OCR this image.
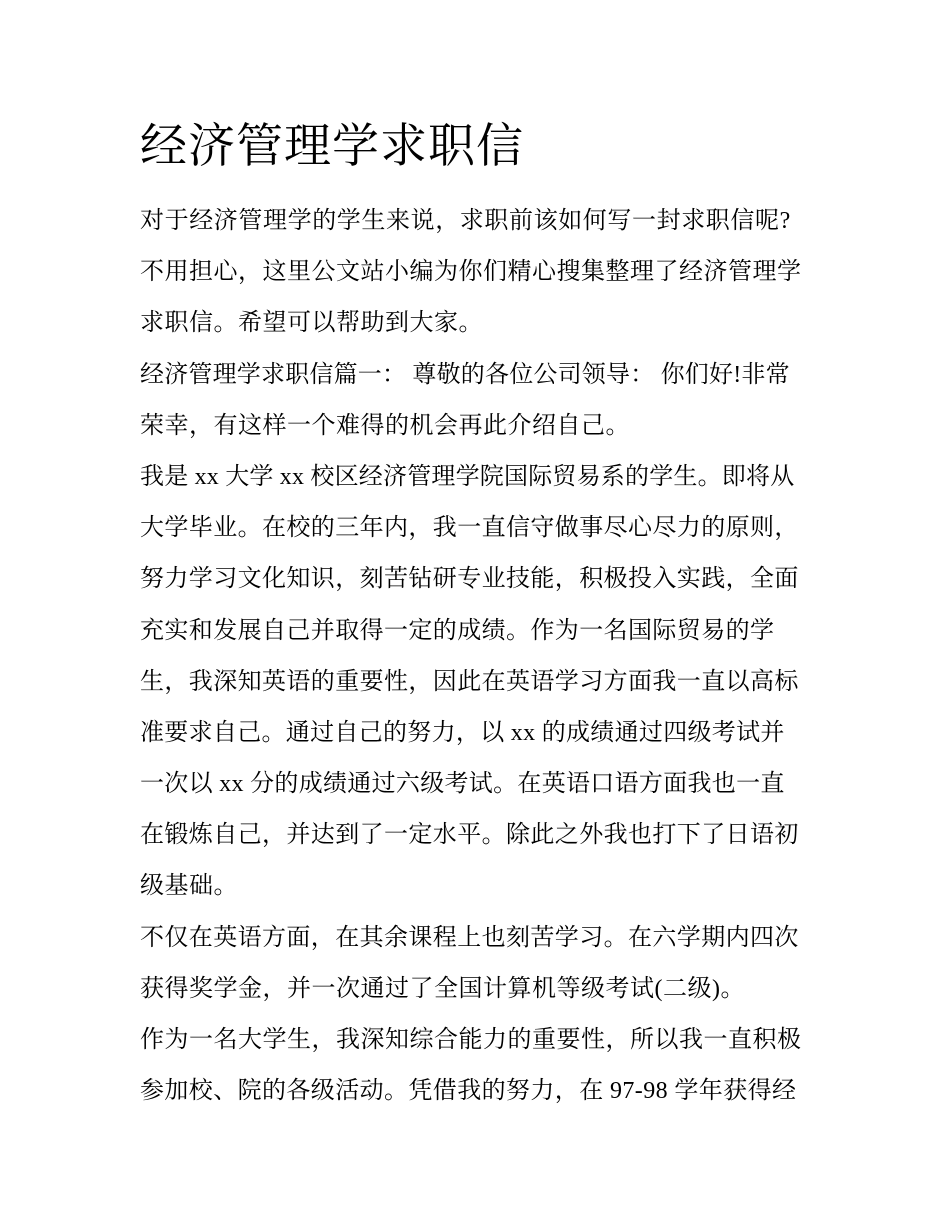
经济管理学求职信
对于经济管理学的学生来说，求职前该如何写一封求职信呢?
不用担心，这里公文站小编为你们精心搜集整理了经济管理学
求职信。希望可以帮助到大家。
经济管理学求职信篇一： 尊敬的各位公司领导： 你们好!非常
荣幸，有这样一个难得的机会再此介绍自己。
我是 xx 大学 xx 校区经济管理学院国际贸易系的学生。即将从
大学毕业。在校的三年内，我一直信守做事尽心尽力的原则，
努力学习文化知识，刻苦钻研专业技能，积极投入实践，全面
充实和发展自己并取得一定的成绩。作为一名国际贸易的学
生，我深知英语的重要性，因此在英语学习方面我一直以高标
准要求自己。通过自己的努力，以 xx 的成绩通过四级考试并
一次以 xx 分的成绩通过六级考试。在英语口语方面我也一直
在锻炼自己，并达到了一定水平。除此之外我也打下了日语初
级基础。
不仅在英语方面，在其余课程上也刻苦学习。在六学期内四次
获得奖学金，并一次通过了全国计算机等级考试(二级)。
作为一名大学生，我深知综合能力的重要性，所以我一直积极
参加校、院的各级活动。凭借我的努力，在 97-98 学年获得经
